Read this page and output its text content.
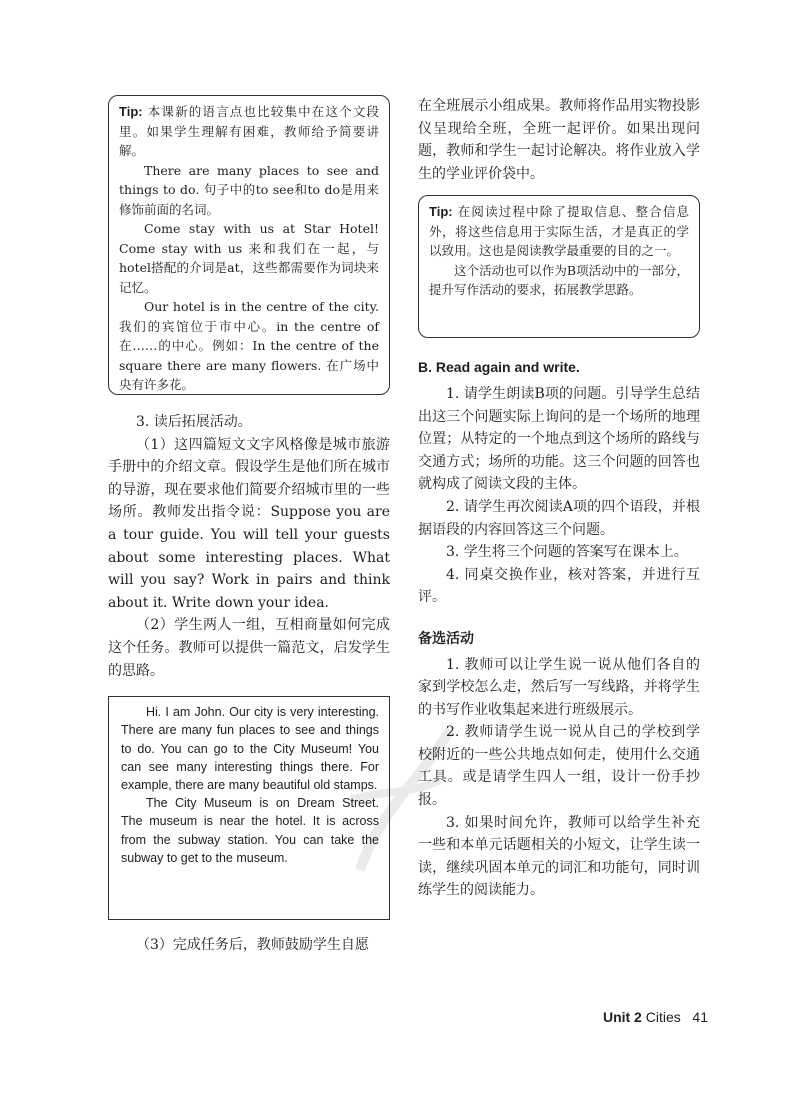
Tip: 本课新的语言点也比较集中在这个文段里。如果学生理解有困难，教师给予简要讲解。

There are many places to see and things to do. 句子中的to see和to do是用来修饰前面的名词。

Come stay with us at Star Hotel! Come stay with us 来和我们在一起，与hotel搭配的介词是at，这些都需要作为词块来记忆。

Our hotel is in the centre of the city. 我们的宾馆位于市中心。in the centre of 在……的中心。例如：In the centre of the square there are many flowers. 在广场中央有许多花。

3. 读后拓展活动。

（1）这四篇短文文字风格像是城市旅游手册中的介绍文章。假设学生是他们所在城市的导游，现在要求他们简要介绍城市里的一些场所。教师发出指令说：Suppose you are a tour guide. You will tell your guests about some interesting places. What will you say? Work in pairs and think about it. Write down your idea.

（2）学生两人一组，互相商量如何完成这个任务。教师可以提供一篇范文，启发学生的思路。

Hi. I am John. Our city is very interesting. There are many fun places to see and things to do. You can go to the City Museum! You can see many interesting things there. For example, there are many beautiful old stamps.

The City Museum is on Dream Street. The museum is near the hotel. It is across from the subway station. You can take the subway to get to the museum.

（3）完成任务后，教师鼓励学生自愿

在全班展示小组成果。教师将作品用实物投影仪呈现给全班，全班一起评价。如果出现问题，教师和学生一起讨论解决。将作业放入学生的学业评价袋中。

Tip: 在阅读过程中除了提取信息、整合信息外，将这些信息用于实际生活，才是真正的学以致用。这也是阅读教学最重要的目的之一。

这个活动也可以作为B项活动中的一部分，提升写作活动的要求，拓展教学思路。

B. Read again and write.

1. 请学生朗读B项的问题。引导学生总结出这三个问题实际上询问的是一个场所的地理位置；从特定的一个地点到这个场所的路线与交通方式；场所的功能。这三个问题的回答也就构成了阅读文段的主体。

2. 请学生再次阅读A项的四个语段，并根据语段的内容回答这三个问题。

3. 学生将三个问题的答案写在课本上。

4. 同桌交换作业，核对答案，并进行互评。

备选活动

1. 教师可以让学生说一说从他们各自的家到学校怎么走，然后写一写线路，并将学生的书写作业收集起来进行班级展示。

2. 教师请学生说一说从自己的学校到学校附近的一些公共地点如何走，使用什么交通工具。或是请学生四人一组，设计一份手抄报。

3. 如果时间允许，教师可以给学生补充一些和本单元话题相关的小短文，让学生读一读，继续巩固本单元的词汇和功能句，同时训练学生的阅读能力。

Unit 2 Cities 41
